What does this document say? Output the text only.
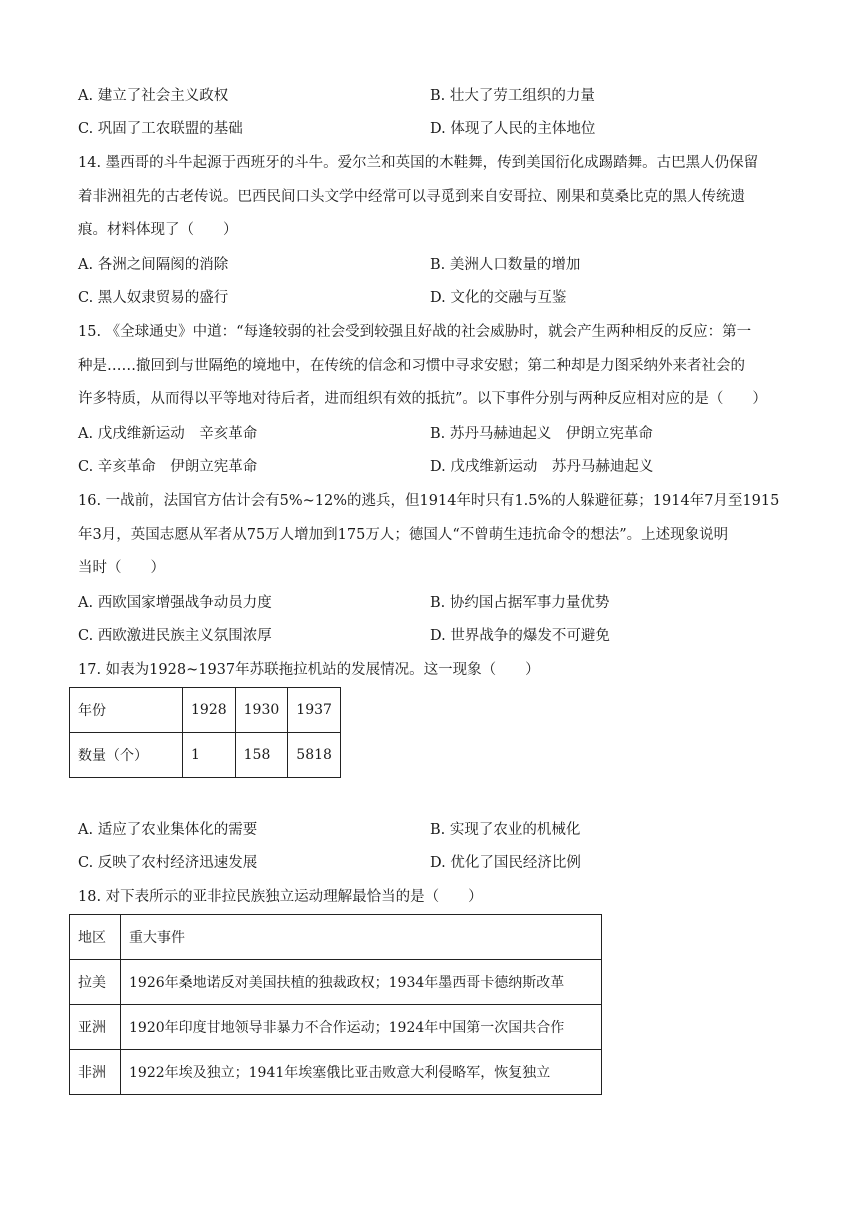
A. 建立了社会主义政权	B. 壮大了劳工组织的力量
C. 巩固了工农联盟的基础	D. 体现了人民的主体地位
14. 墨西哥的斗牛起源于西班牙的斗牛。爱尔兰和英国的木鞋舞，传到美国衍化成踢踏舞。古巴黑人仍保留
着非洲祖先的古老传说。巴西民间口头文学中经常可以寻觅到来自安哥拉、刚果和莫桑比克的黑人传统遗
痕。材料体现了（　　）
A. 各洲之间隔阂的消除	B. 美洲人口数量的增加
C. 黑人奴隶贸易的盛行	D. 文化的交融与互鉴
15. 《全球通史》中道：“每逢较弱的社会受到较强且好战的社会威胁时，就会产生两种相反的反应：第一
种是……撤回到与世隔绝的境地中，在传统的信念和习惯中寻求安慰；第二种却是力图采纳外来者社会的
许多特质，从而得以平等地对待后者，进而组织有效的抵抗”。以下事件分别与两种反应相对应的是（　　）
A. 戊戌维新运动　辛亥革命	B. 苏丹马赫迪起义　伊朗立宪革命
C. 辛亥革命　伊朗立宪革命	D. 戊戌维新运动　苏丹马赫迪起义
16. 一战前，法国官方估计会有5%~12%的逃兵，但1914年时只有1.5%的人躲避征募；1914年7月至1915
年3月，英国志愿从军者从75万人增加到175万人；德国人“不曾萌生违抗命令的想法”。上述现象说明
当时（　　）
A. 西欧国家增强战争动员力度	B. 协约国占据军事力量优势
C. 西欧激进民族主义氛围浓厚	D. 世界战争的爆发不可避免
17. 如表为1928~1937年苏联拖拉机站的发展情况。这一现象（　　）
年份	1928	1930	1937
数量（个）	1	158	5818
A. 适应了农业集体化的需要	B. 实现了农业的机械化
C. 反映了农村经济迅速发展	D. 优化了国民经济比例
18. 对下表所示的亚非拉民族独立运动理解最恰当的是（　　）
地区	重大事件
拉美	1926年桑地诺反对美国扶植的独裁政权；1934年墨西哥卡德纳斯改革
亚洲	1920年印度甘地领导非暴力不合作运动；1924年中国第一次国共合作
非洲	1922年埃及独立；1941年埃塞俄比亚击败意大利侵略军，恢复独立
